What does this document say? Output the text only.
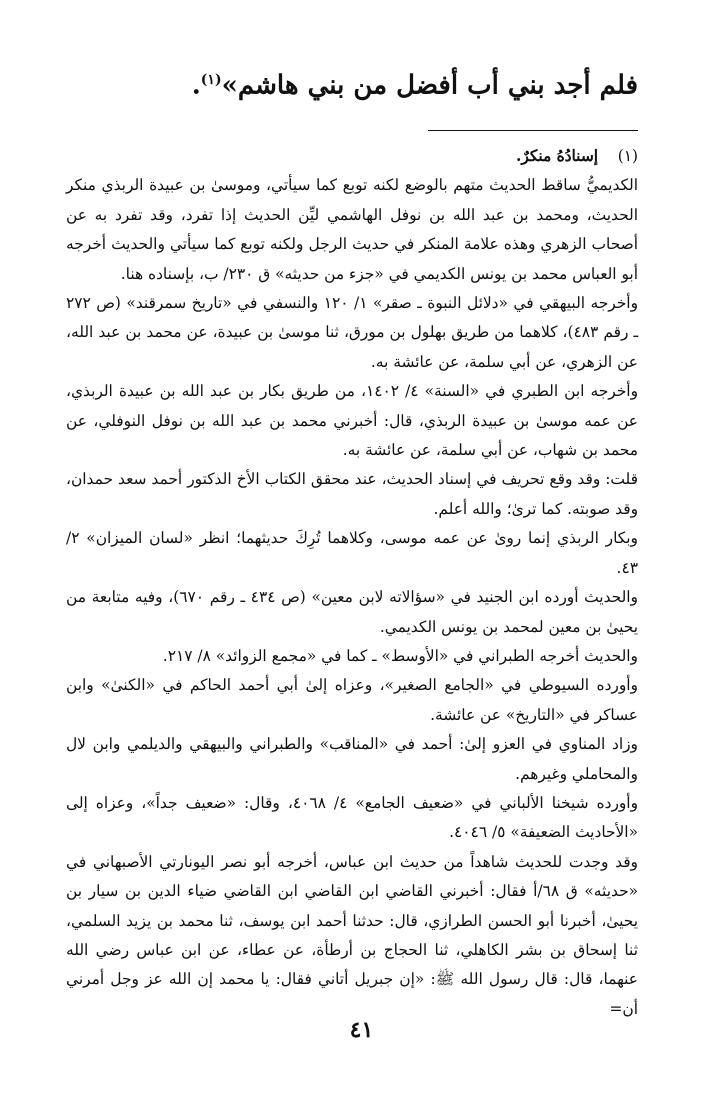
فلم أجد بني أب أفضل من بني هاشم»$^{(١)}$.

(١)إسنادُهُ منكرٌ.

الكديميُّ ساقط الحديث متهم بالوضع لكنه توبع كما سيأتي، وموسىٰ بن عبيدة الربذي منكر الحديث، ومحمد بن عبد الله بن نوفل الهاشمي ليِّن الحديث إذا تفرد، وقد تفرد به عن أصحاب الزهري وهذه علامة المنكر في حديث الرجل ولكنه توبع كما سيأتي والحديث أخرجه أبو العباس محمد بن يونس الكديمي في «جزء من حديثه» ق ٢٣٠/ ب، بإسناده هنا.

وأخرجه البيهقي في «دلائل النبوة ـ صقر» ١/ ١٢٠ والنسفي في «تاريخ سمرقند» (ص ٢٧٢ ـ رقم ٤٨٣)، كلاهما من طريق بهلول بن مورق، ثنا موسىٰ بن عبيدة، عن محمد بن عبد الله، عن الزهري، عن أبي سلمة، عن عائشة به.

وأخرجه ابن الطبري في «السنة» ٤/ ١٤٠٢، من طريق بكار بن عبد الله بن عبيدة الربذي، عن عمه موسىٰ بن عبيدة الربذي، قال: أخبرني محمد بن عبد الله بن نوفل النوفلي، عن محمد بن شهاب، عن أبي سلمة، عن عائشة به.

قلت: وقد وقع تحريف في إسناد الحديث، عند محقق الكتاب الأخ الدكتور أحمد سعد حمدان، وقد صوبته. كما ترىٰ؛ والله أعلم.

وبكار الربذي إنما روىٰ عن عمه موسى، وكلاهما تُرِكَ حديثهما؛ انظر «لسان الميزان» ٢/ ٤٣.

والحديث أورده ابن الجنيد في «سؤالاته لابن معين» (ص ٤٣٤ ـ رقم ٦٧٠)، وفيه متابعة من يحيىٰ بن معين لمحمد بن يونس الكديمي.

والحديث أخرجه الطبراني في «الأوسط» ـ كما في «مجمع الزوائد» ٨/ ٢١٧.

وأورده السيوطي في «الجامع الصغير»، وعزاه إلىٰ أبي أحمد الحاكم في «الكنىٰ» وابن عساكر في «التاريخ» عن عائشة.

وزاد المناوي في العزو إلىٰ: أحمد في «المناقب» والطبراني والبيهقي والديلمي وابن لال والمحاملي وغيرهم.

وأورده شيخنا الألباني في «ضعيف الجامع» ٤/ ٤٠٦٨، وقال: «ضعيف جداً»، وعزاه إلى «الأحاديث الضعيفة» ٥/ ٤٠٤٦.

وقد وجدت للحديث شاهداً من حديث ابن عباس، أخرجه أبو نصر اليونارتي الأصبهاني في «حديثه» ق ٦٨/أ فقال: أخبرني القاضي ابن القاضي ابن القاضي ضياء الدين بن سيار بن يحيىٰ، أخبرنا أبو الحسن الطرازي، قال: حدثنا أحمد ابن يوسف، ثنا محمد بن يزيد السلمي، ثنا إسحاق بن بشر الكاهلي، ثنا الحجاج بن أرطأة، عن عطاء، عن ابن عباس رضي الله عنهما، قال: قال رسول الله ﷺ: «إن جبريل أتاني فقال: يا محمد إن الله عز وجل أمرني أن=

٤١
